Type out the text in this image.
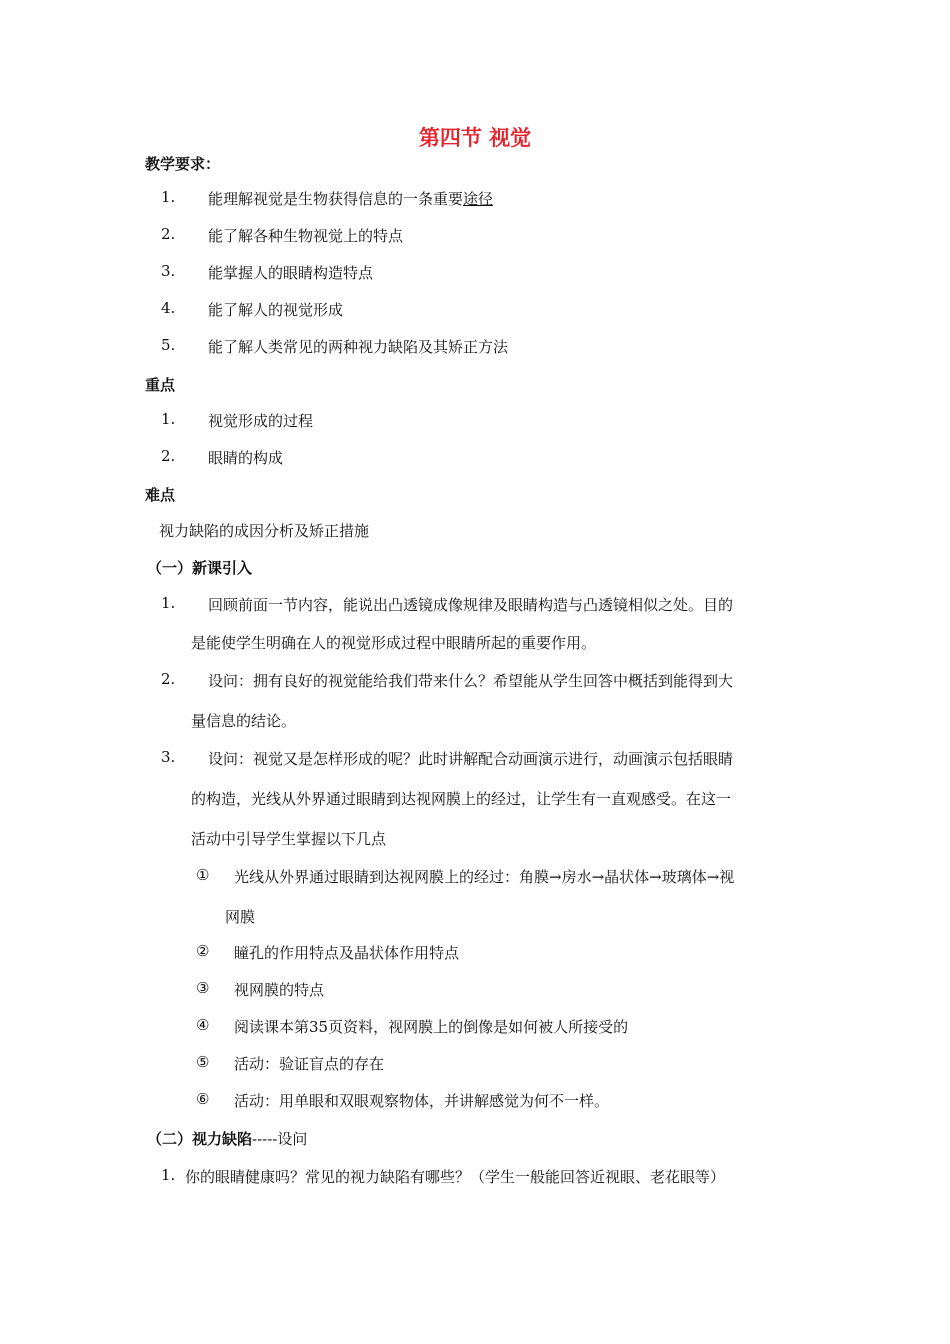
第四节 视觉
教学要求：
1. 能理解视觉是生物获得信息的一条重要途径
2. 能了解各种生物视觉上的特点
3. 能掌握人的眼睛构造特点
4. 能了解人的视觉形成
5. 能了解人类常见的两种视力缺陷及其矫正方法
重点
1. 视觉形成的过程
2. 眼睛的构成
难点
视力缺陷的成因分析及矫正措施
（一）新课引入
1. 回顾前面一节内容，能说出凸透镜成像规律及眼睛构造与凸透镜相似之处。目的
是能使学生明确在人的视觉形成过程中眼睛所起的重要作用。
2. 设问：拥有良好的视觉能给我们带来什么？希望能从学生回答中概括到能得到大
量信息的结论。
3. 设问：视觉又是怎样形成的呢？此时讲解配合动画演示进行，动画演示包括眼睛
的构造，光线从外界通过眼睛到达视网膜上的经过，让学生有一直观感受。在这一
活动中引导学生掌握以下几点
① 光线从外界通过眼睛到达视网膜上的经过：角膜→房水→晶状体→玻璃体→视
网膜
② 瞳孔的作用特点及晶状体作用特点
③ 视网膜的特点
④ 阅读课本第35页资料，视网膜上的倒像是如何被人所接受的
⑤ 活动：验证盲点的存在
⑥ 活动：用单眼和双眼观察物体，并讲解感觉为何不一样。
（二）视力缺陷-----设问
1. 你的眼睛健康吗？常见的视力缺陷有哪些？（学生一般能回答近视眼、老花眼等）
